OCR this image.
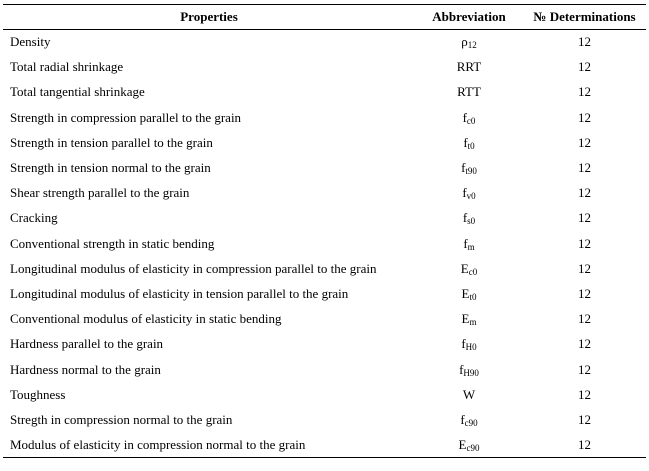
Properties	Abbreviation	№ Determinations
Density	$\rho_{12}$	12
Total radial shrinkage	RRT	12
Total tangential shrinkage	RTT	12
Strength in compression parallel to the grain	$f_{c0}$	12
Strength in tension parallel to the grain	$f_{t0}$	12
Strength in tension normal to the grain	$f_{t90}$	12
Shear strength parallel to the grain	$f_{v0}$	12
Cracking	$f_{s0}$	12
Conventional strength in static bending	$f_m$	12
Longitudinal modulus of elasticity in compression parallel to the grain	$E_{c0}$	12
Longitudinal modulus of elasticity in tension parallel to the grain	$E_{t0}$	12
Conventional modulus of elasticity in static bending	$E_m$	12
Hardness parallel to the grain	$f_{H0}$	12
Hardness normal to the grain	$f_{H90}$	12
Toughness	W	12
Stregth in compression normal to the grain	$f_{c90}$	12
Modulus of elasticity in compression normal to the grain	$E_{c90}$	12
